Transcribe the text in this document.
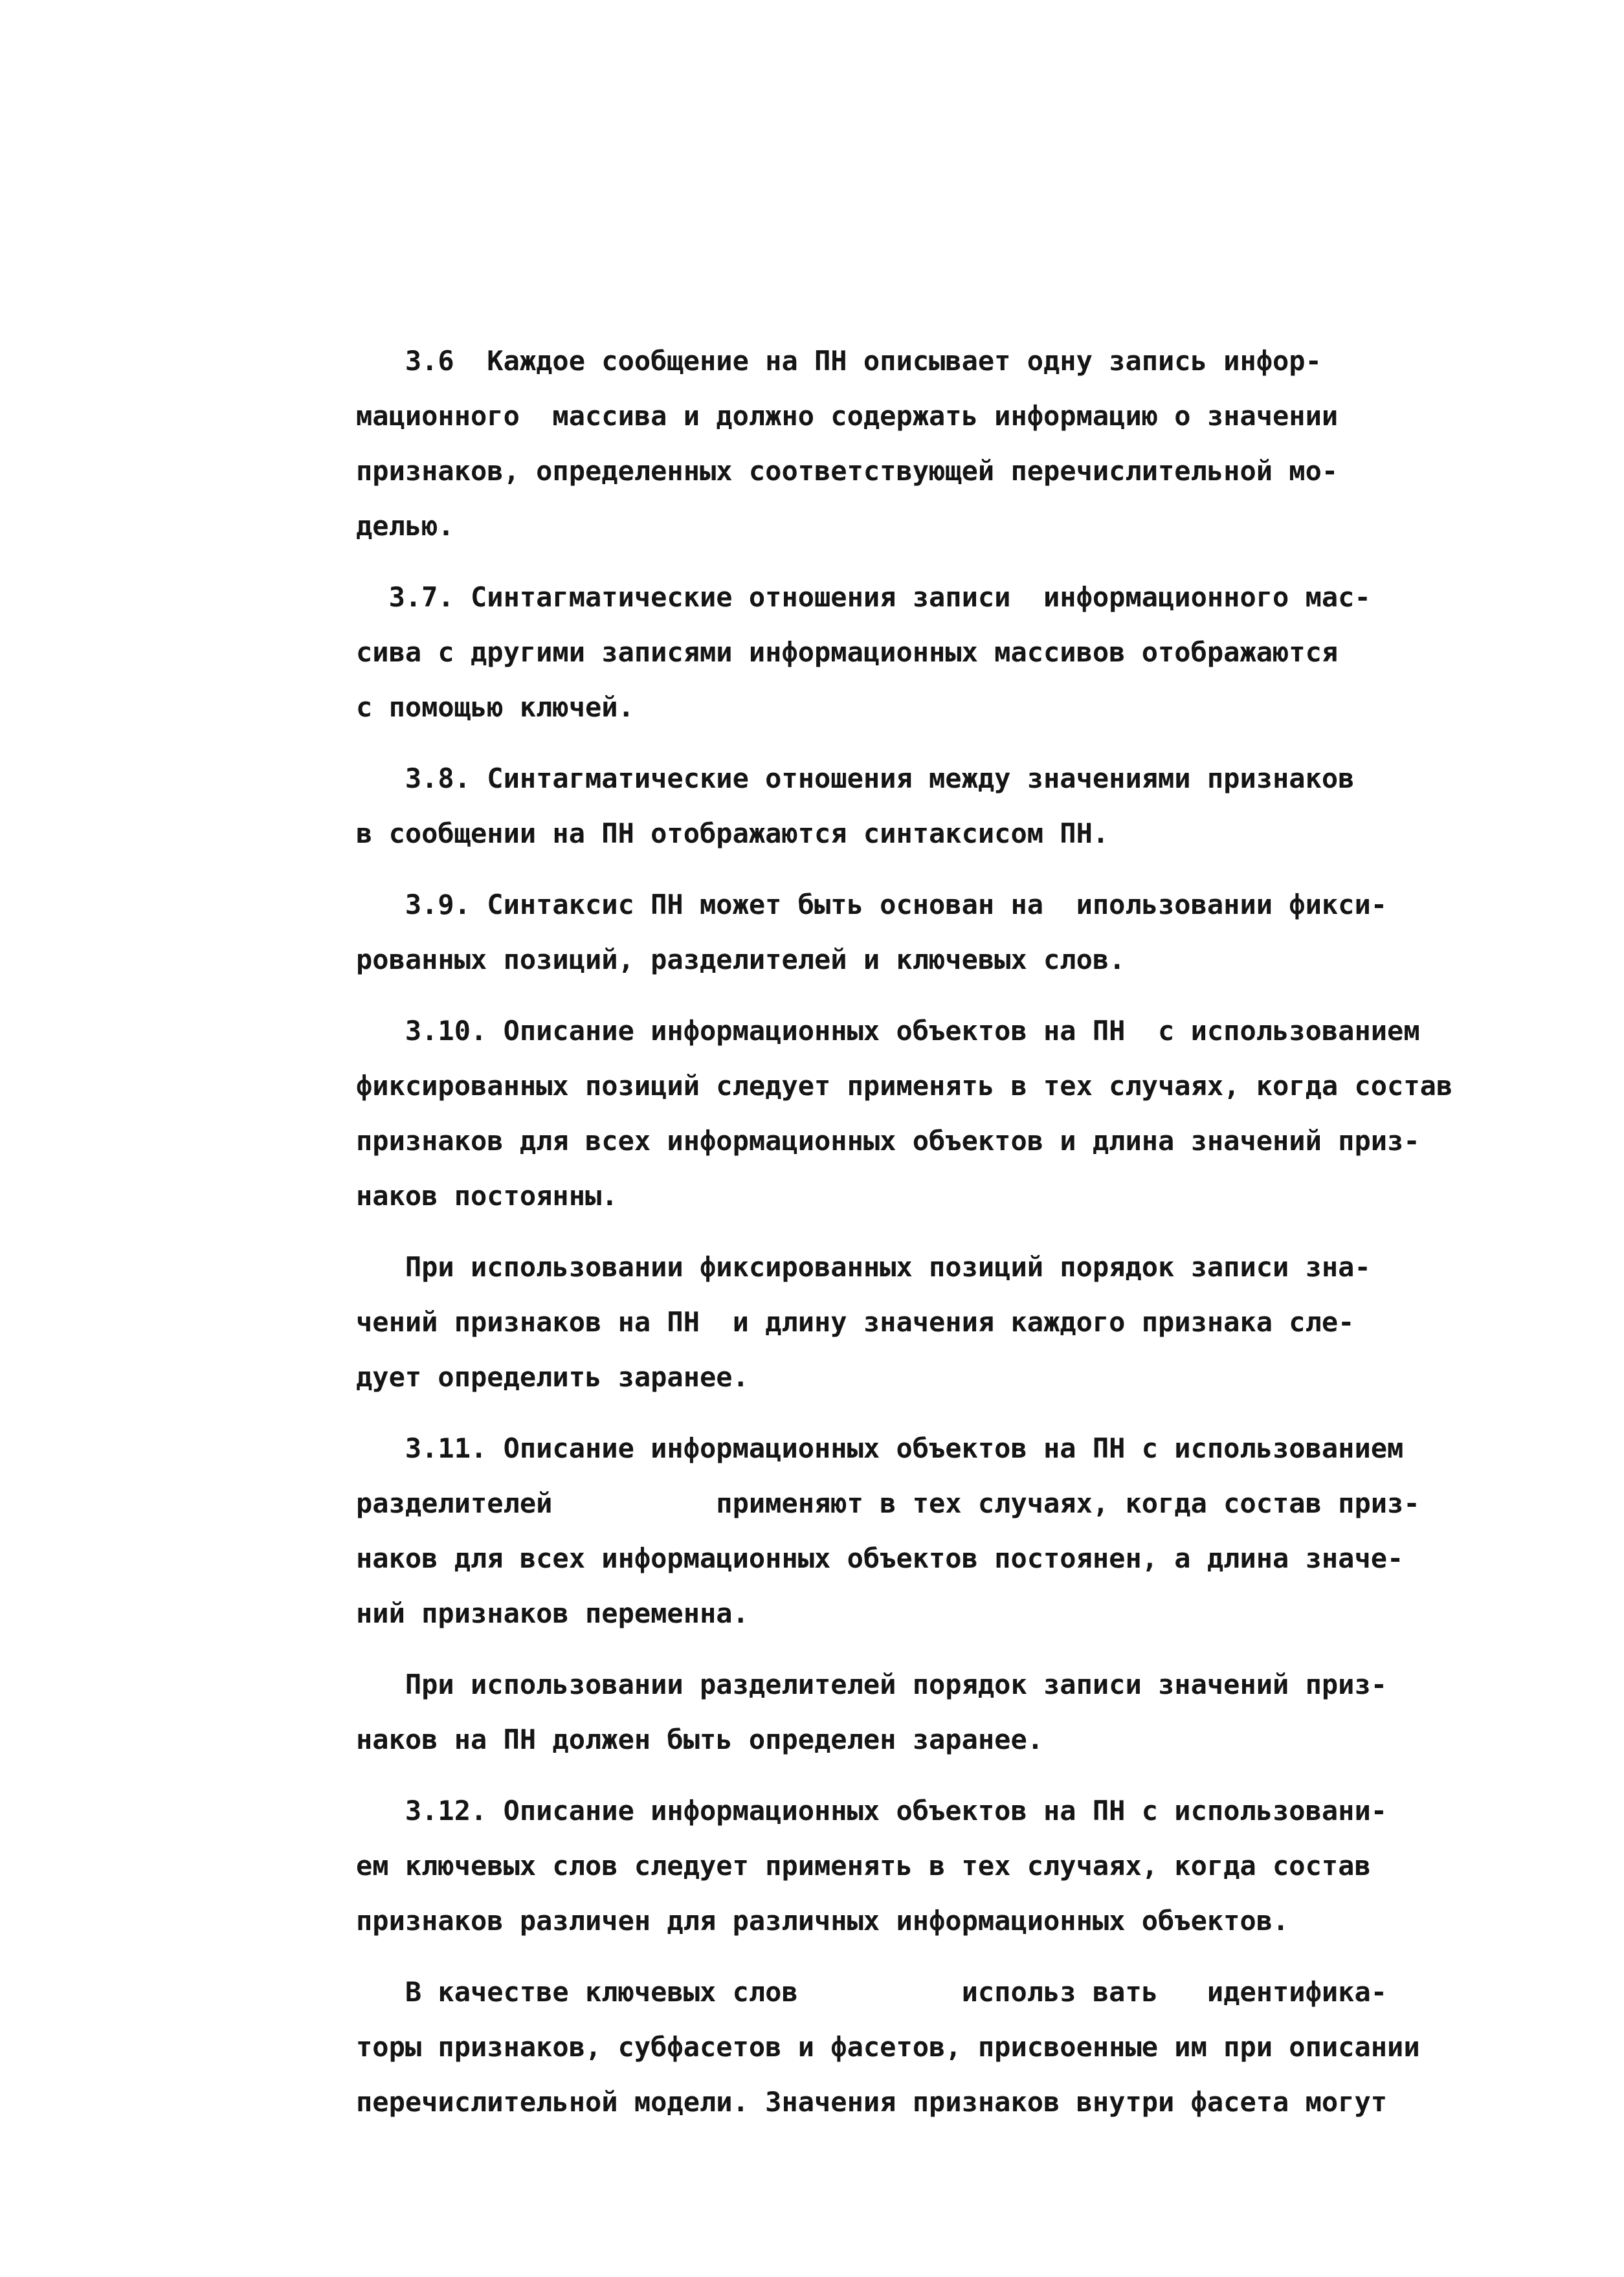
3.6  Каждое сообщение на ПН описывает одну запись инфор-
мационного  массива и должно содержать информацию о значении
признаков, определенных соответствующей перечислительной мо-
делью.
3.7. Синтагматические отношения записи  информационного мас-
сива с другими записями информационных массивов отображаются
с помощью ключей.
3.8. Синтагматические отношения между значениями признаков
в сообщении на ПН отображаются синтаксисом ПН.
3.9. Синтаксис ПН может быть основан на  ипользовании фикси-
рованных позиций, разделителей и ключевых слов.
3.10. Описание информационных объектов на ПН  с использованием
фиксированных позиций следует применять в тех случаях, когда состав
признаков для всех информационных объектов и длина значений приз-
наков постоянны.
При использовании фиксированных позиций порядок записи зна-
чений признаков на ПН  и длину значения каждого признака сле-
дует определить заранее.
3.11. Описание информационных объектов на ПН с использованием
разделителей          применяют в тех случаях, когда состав приз-
наков для всех информационных объектов постоянен, а длина значе-
ний признаков переменна.
При использовании разделителей порядок записи значений приз-
наков на ПН должен быть определен заранее.
3.12. Описание информационных объектов на ПН с использовани-
ем ключевых слов следует применять в тех случаях, когда состав
признаков различен для различных информационных объектов.
В качестве ключевых слов          использ вать   идентифика-
торы признаков, субфасетов и фасетов, присвоенные им при описании
перечислительной модели. Значения признаков внутри фасета могут
